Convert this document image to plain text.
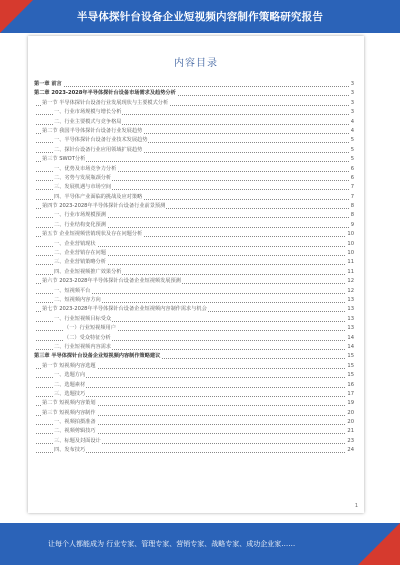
半导体探针台设备企业短视频内容制作策略研究报告
内容目录
第一章 前言	3
第二章 2023-2028年半导体探针台设备市场需求及趋势分析	3
第一节 半导体探针台设备行业发展现状与主要模式分析	3
一、行业市场规模与增长分析	3
二、行业主要模式与竞争格局	4
第二节 我国半导体探针台设备行业发展趋势	4
一、半导体探针台设备行业技术发展趋势	5
二、探针台设备行业应用领域扩展趋势	5
第三节 SWOT分析	5
一、优势及市场竞争力分析	6
二、劣势与发展瓶颈分析	6
三、发展机遇与市场空间	7
四、半导体产业面临的挑战及应对策略	7
第四节 2023-2028年半导体探针台设备行业前景预测	8
一、行业市场规模预测	8
二、行业结构变化预测	9
第五节 企业短视频营销现状及存在问题分析	10
一、企业营销现状	10
二、企业营销存在问题	10
三、企业营销策略分析	11
四、企业短视频推广效果分析	11
第六节 2023-2028年半导体探针台设备企业短视频发展预测	12
一、短视频平台	12
二、短视频内容方向	13
第七节 2023-2028年半导体探针台设备企业短视频内容制作需求与机会	13
一、行业短视频目标受众	13
（一）行业短视频用户	13
（二）受众特征分析	14
二、行业短视频内容需求	14
第三章 半导体探针台设备企业短视频内容制作策略建议	15
第一节 短视频内容选题	15
一、选题方向	15
二、选题素材	16
三、选题技巧	17
第二节 短视频内容策划	19
第三节 短视频内容制作	20
一、视频拍摄准备	20
二、视频剪辑技巧	21
三、标题及封面设计	23
四、发布技巧	24
1
让每个人都能成为 行业专家、管理专家、营销专家、战略专家、成功企业家……
